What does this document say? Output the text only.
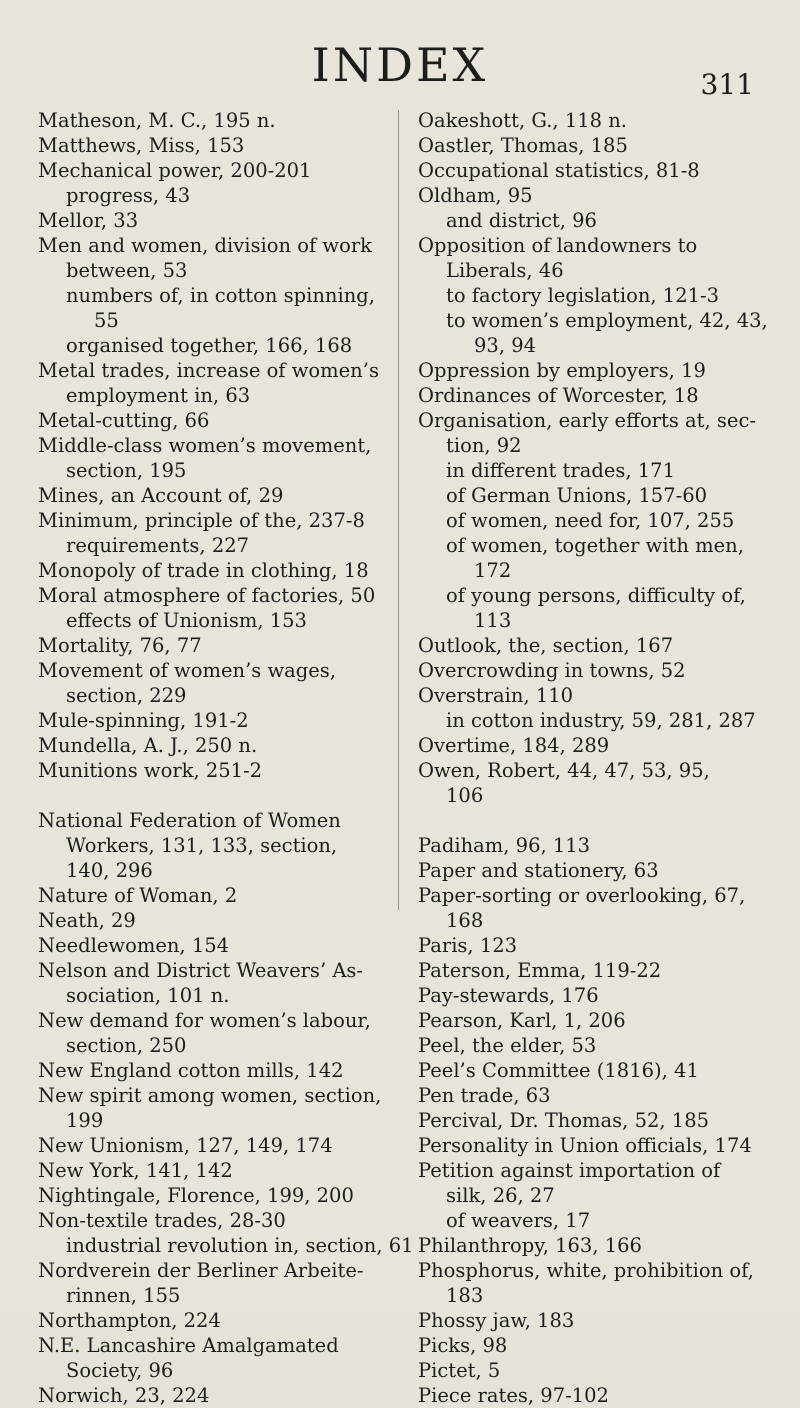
INDEX	311
Matheson, M. C., 195 n.
Matthews, Miss, 153
Mechanical power, 200-201
progress, 43
Mellor, 33
Men and women, division of work
between, 53
numbers of, in cotton spinning,
55
organised together, 166, 168
Metal trades, increase of women’s
employment in, 63
Metal-cutting, 66
Middle-class women’s movement,
section, 195
Mines, an Account of, 29
Minimum, principle of the, 237-8
requirements, 227
Monopoly of trade in clothing, 18
Moral atmosphere of factories, 50
effects of Unionism, 153
Mortality, 76, 77
Movement of women’s wages,
section, 229
Mule-spinning, 191-2
Mundella, A. J., 250 n.
Munitions work, 251-2
National Federation of Women
Workers, 131, 133, section,
140, 296
Nature of Woman, 2
Neath, 29
Needlewomen, 154
Nelson and District Weavers’ As-
sociation, 101 n.
New demand for women’s labour,
section, 250
New England cotton mills, 142
New spirit among women, section,
199
New Unionism, 127, 149, 174
New York, 141, 142
Nightingale, Florence, 199, 200
Non-textile trades, 28-30
industrial revolution in, section, 61
Nordverein der Berliner Arbeite-
rinnen, 155
Northampton, 224
N.E. Lancashire Amalgamated
Society, 96
Norwich, 23, 224
Oakeshott, G., 118 n.
Oastler, Thomas, 185
Occupational statistics, 81-8
Oldham, 95
and district, 96
Opposition of landowners to
Liberals, 46
to factory legislation, 121-3
to women’s employment, 42, 43,
93, 94
Oppression by employers, 19
Ordinances of Worcester, 18
Organisation, early efforts at, sec-
tion, 92
in different trades, 171
of German Unions, 157-60
of women, need for, 107, 255
of women, together with men,
172
of young persons, difficulty of,
113
Outlook, the, section, 167
Overcrowding in towns, 52
Overstrain, 110
in cotton industry, 59, 281, 287
Overtime, 184, 289
Owen, Robert, 44, 47, 53, 95,
106
Padiham, 96, 113
Paper and stationery, 63
Paper-sorting or overlooking, 67,
168
Paris, 123
Paterson, Emma, 119-22
Pay-stewards, 176
Pearson, Karl, 1, 206
Peel, the elder, 53
Peel’s Committee (1816), 41
Pen trade, 63
Percival, Dr. Thomas, 52, 185
Personality in Union officials, 174
Petition against importation of
silk, 26, 27
of weavers, 17
Philanthropy, 163, 166
Phosphorus, white, prohibition of,
183
Phossy jaw, 183
Picks, 98
Pictet, 5
Piece rates, 97-102
